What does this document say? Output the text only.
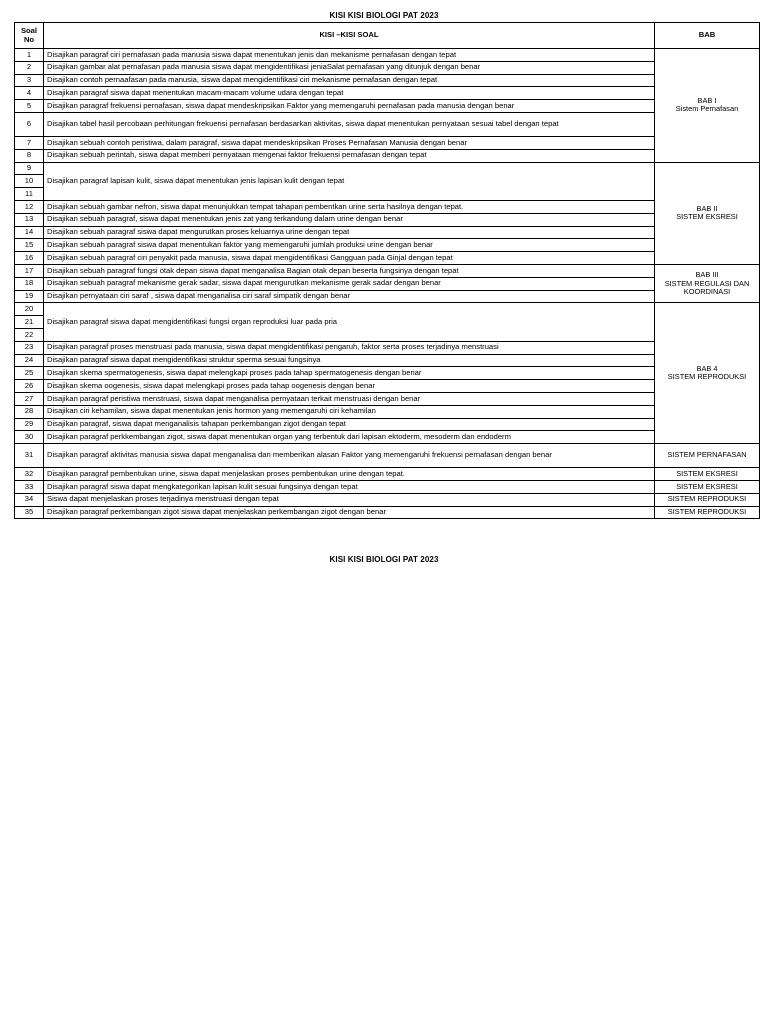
KISI KISI BIOLOGI PAT 2023
Soal No	KISI –KISI SOAL	BAB
1	Disajikan paragraf ciri pernafasan pada manusia siswa dapat menentukan jenis dan mekanisme pernafasan dengan tepat	BAB I
Sistem Pernafasan

2	Disajikan gambar alat pernafasan pada manusia siswa dapat mengidentifikasi jeniaSalat pernafasan yang ditunjuk dengan benar	
3	Disajikan contoh pernaafasan pada manusia, siswa dapat mengidentifikasi ciri mekanisme pernafasan dengan tepat	
4	Disajikan paragraf siswa dapat menentukan macam-macam volume udara dengan tepat	
5	Disajikan paragraf frekuensi pernafasan, siswa dapat mendeskripsikan Faktor yang memengaruhi pernafasan pada manusia dengan benar	
6	Disajikan tabel hasil percobaan perhitungan frekuensi pernafasan berdasarkan aktivitas, siswa dapat menentukan pernyataan sesuai tabel dengan tepat	
7	Disajikan sebuah contoh peristiwa, dalam paragraf, siswa dapat mendeskripsikan Proses Pernafasan Manusia dengan benar	
8	Disajikan sebuah perintah, siswa dapat memberi pernyataan mengenai faktor frekuensi pernafasan dengan tepat	
9	Disajikan paragraf lapisan kulit, siswa dapat menentukan jenis lapisan kulit dengan tepat	BAB II
SISTEM EKSRESI

10		
11		
12	Disajikan sebuah gambar nefron, siswa dapat menunjukkan tempat tahapan pembentkan urine serta hasilnya dengan tepat.	
13	Disajikan sebuah paragraf, siswa dapat menentukan jenis zat yang terkandung dalam urine dengan benar	
14	Disajikan sebuah paragraf siswa dapat mengurutkan proses keluarnya urine dengan tepat	
15	Disajikan sebuah paragraf siswa dapat menentukan faktor yang memengaruhi jumlah produksi urine dengan benar	
16	Disajikan sebuah paragraf ciri penyakit pada manusia, siswa dapat mengidentifikasi Gangguan pada Ginjal dengan tepat	
17	Disajikan sebuah paragraf fungsi otak depan siswa dapat menganalisa Bagian otak depan beserta fungsinya dengan tepat	BAB III
SISTEM REGULASI DAN KOORDINASI

18	Disajikan sebuah paragraf mekanisme gerak sadar, siswa dapat mengurutkan mekanisme gerak sadar dengan benar	
19	Disajikan pernyataan ciri saraf , siswa dapat menganalisa ciri saraf simpatik dengan benar	
20	Disajikan paragraf siswa dapat mengidentifikasi fungsi organ reproduksi luar pada pria	BAB 4
SISTEM REPRODUKSI

21		
22		
23	Disajikan paragraf proses menstruasi pada manusia, siswa dapat mengidentifikasi pengaruh, faktor serta proses terjadinya menstruasi	
24	Disajikan paragraf siswa dapat mengidentifikasi struktur sperma sesuai fungsinya	
25	Disajikan skema spermatogenesis, siswa dapat melengkapi proses pada tahap spermatogenesis dengan benar	
26	Disajikan skema oogenesis, siswa dapat melengkapi proses pada tahap oogenesis dengan benar	
27	Disajikan paragraf peristiwa menstruasi, siswa dapat menganalisa pernyataan terkait menstruasi dengan benar	
28	Disajikan ciri kehamilan, siswa dapat menentukan jenis hormon yang memengaruhi ciri kehamilan	
29	Disajikan paragraf, siswa dapat menganalisis tahapan perkembangan zigot dengan tepat	
30	Disajikan paragraf perkkembangan zigot, siswa dapat menentukan organ yang terbentuk dari lapisan ektoderm, mesoderm dan endoderm	
31	Disajikan paragraf aktivitas manusia siswa dapat menganalisa dan memberikan alasan Faktor yang memengaruhi frekuensi pernafasan dengan benar	SISTEM PERNAFASAN
32	Disajikan paragraf pembentukan urine, siswa dapat menjelaskan proses pembentukan urine dengan tepat.	SISTEM EKSRESI
33	Disajikan paragraf siswa dapat mengkategorikan lapisan kulit sesuai fungsinya dengan tepat	SISTEM EKSRESI
34	Siswa dapat menjelaskan proses terjadinya menstruasi dengan tepat	SISTEM REPRODUKSI
35	Disajikan paragraf perkembangan zigot siswa dapat menjelaskan perkembangan zigot dengan benar	SISTEM REPRODUKSI
KISI KISI BIOLOGI PAT 2023
